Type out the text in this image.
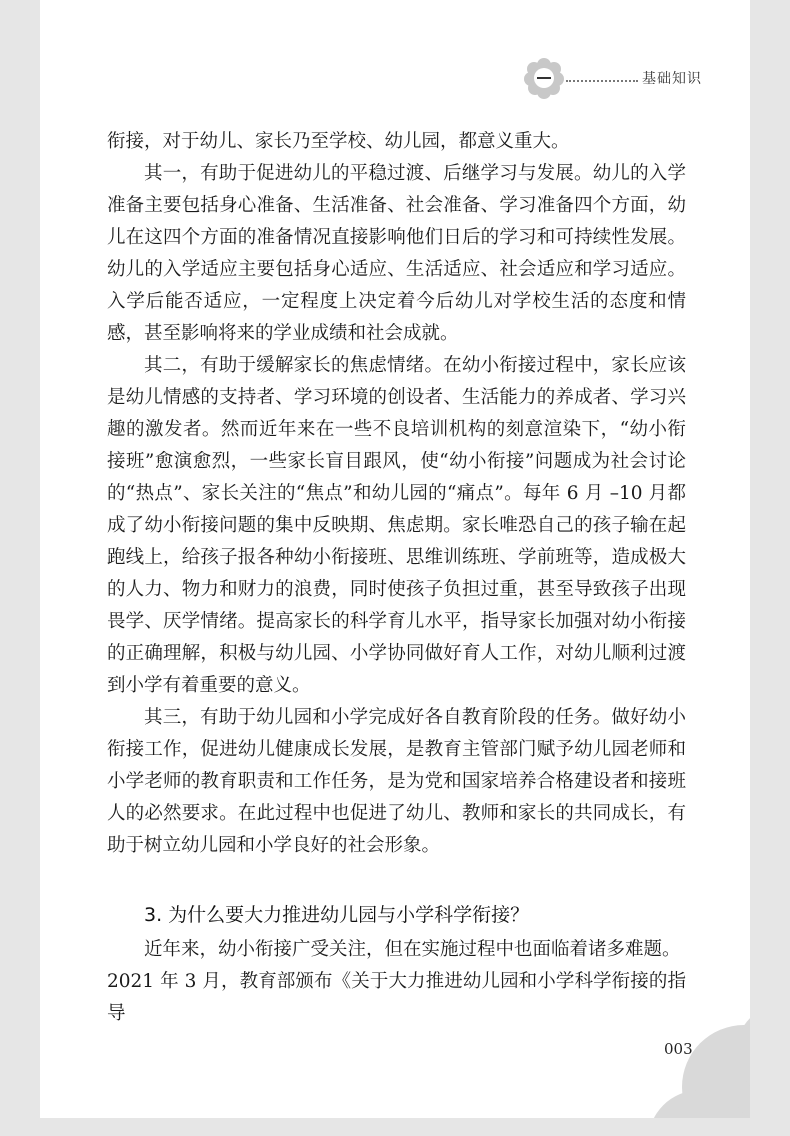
基础知识

衔接，对于幼儿、家长乃至学校、幼儿园，都意义重大。

其一，有助于促进幼儿的平稳过渡、后继学习与发展。幼儿的入学准备主要包括身心准备、生活准备、社会准备、学习准备四个方面，幼儿在这四个方面的准备情况直接影响他们日后的学习和可持续性发展。幼儿的入学适应主要包括身心适应、生活适应、社会适应和学习适应。入学后能否适应，一定程度上决定着今后幼儿对学校生活的态度和情感，甚至影响将来的学业成绩和社会成就。

其二，有助于缓解家长的焦虑情绪。在幼小衔接过程中，家长应该是幼儿情感的支持者、学习环境的创设者、生活能力的养成者、学习兴趣的激发者。然而近年来在一些不良培训机构的刻意渲染下，“幼小衔接班”愈演愈烈，一些家长盲目跟风，使“幼小衔接”问题成为社会讨论的“热点”、家长关注的“焦点”和幼儿园的“痛点”。每年 6 月 –10 月都成了幼小衔接问题的集中反映期、焦虑期。家长唯恐自己的孩子输在起跑线上，给孩子报各种幼小衔接班、思维训练班、学前班等，造成极大的人力、物力和财力的浪费，同时使孩子负担过重，甚至导致孩子出现畏学、厌学情绪。提高家长的科学育儿水平，指导家长加强对幼小衔接的正确理解，积极与幼儿园、小学协同做好育人工作，对幼儿顺利过渡到小学有着重要的意义。

其三，有助于幼儿园和小学完成好各自教育阶段的任务。做好幼小衔接工作，促进幼儿健康成长发展，是教育主管部门赋予幼儿园老师和小学老师的教育职责和工作任务，是为党和国家培养合格建设者和接班人的必然要求。在此过程中也促进了幼儿、教师和家长的共同成长，有助于树立幼儿园和小学良好的社会形象。

3. 为什么要大力推进幼儿园与小学科学衔接？

近年来，幼小衔接广受关注，但在实施过程中也面临着诸多难题。

2021 年 3 月，教育部颁布《关于大力推进幼儿园和小学科学衔接的指导

003
